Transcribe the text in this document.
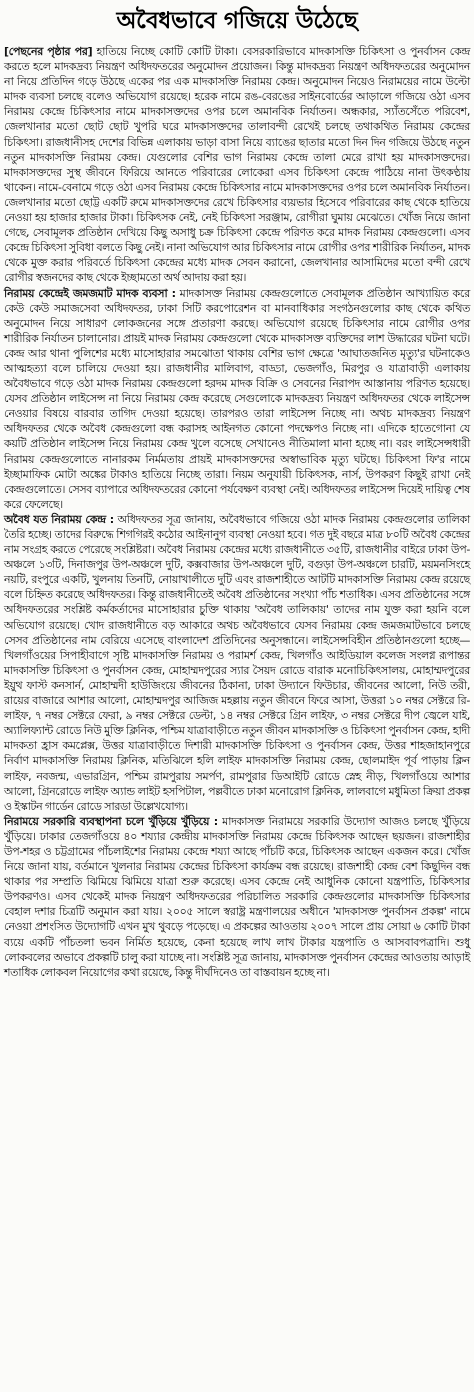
অবৈধভাবে গজিয়ে উঠেছে

[পেছনের পৃষ্ঠার পর] হাতিয়ে নিচ্ছে কোটি কোটি টাকা। বেসরকারিভাবে মাদকাসক্তি চিকিৎসা ও পুনর্বাসন কেন্দ্র করতে হলে মাদকদ্রব্য নিয়ন্ত্রণ অধিদফতরের অনুমোদন প্রয়োজন। কিন্তু মাদকদ্রব্য নিয়ন্ত্রণ অধিদফতরের অনুমোদন না নিয়ে প্রতিদিন গড়ে উঠছে একের পর এক মাদকাসক্তি নিরাময় কেন্দ্র। অনুমোদন নিয়েও নিরাময়ের নামে উল্টো মাদক ব্যবসা চলছে বলেও অভিযোগ রয়েছে। হরেক নামে রঙ-বেরঙের সাইনবোর্ডের আড়ালে গজিয়ে ওঠা এসব নিরাময় কেন্দ্রে চিকিৎসার নামে মাদকাসক্তদের ওপর চলে অমানবিক নির্যাতন। অন্ধকার, স্যাঁতসেঁতে পরিবেশ, জেলখানার মতো ছোট ছোট খুপরি ঘরে মাদকাসক্তদের তালাবন্দী রেখেই চলছে তথাকথিত নিরাময় কেন্দ্রের চিকিৎসা। রাজধানীসহ দেশের বিভিন্ন এলাকায় ভাড়া বাসা নিয়ে ব্যাঙের ছাতার মতো দিন দিন গজিয়ে উঠছে নতুন নতুন মাদকাসক্তি নিরাময় কেন্দ্র। যেগুলোর বেশির ভাগ নিরাময় কেন্দ্রে তালা মেরে রাখা হয় মাদকাসক্তদের। মাদকাসক্তদের সুস্থ জীবনে ফিরিয়ে আনতে পরিবারের লোকেরা এসব চিকিৎসা কেন্দ্রে পাঠিয়ে নানা উৎকণ্ঠায় থাকেন। নামে-বেনামে গড়ে ওঠা এসব নিরাময় কেন্দ্রে চিকিৎসার নামে মাদকাসক্তদের ওপর চলে অমানবিক নির্যাতন। জেলখানার মতো ছোট্ট একটি রুমে মাদকাসক্তদের রেখে চিকিৎসার ব্যয়ভার হিসেবে পরিবারের কাছ থেকে হাতিয়ে নেওয়া হয় হাজার হাজার টাকা। চিকিৎসক নেই, নেই চিকিৎসা সরঞ্জাম, রোগীরা ঘুমায় মেঝেতে। খোঁজ নিয়ে জানা গেছে, সেবামূলক প্রতিষ্ঠান দেখিয়ে কিছু অসাধু চক্র চিকিৎসা কেন্দ্রে পরিণত করে মাদক নিরাময় কেন্দ্রগুলো। এসব কেন্দ্রে চিকিৎসা সুবিধা বলতে কিছু নেই। নানা অভিযোগ আর চিকিৎসার নামে রোগীর ওপর শারীরিক নির্যাতন, মাদক থেকে মুক্ত করার পরিবর্তে চিকিৎসা কেন্দ্রের মধ্যে মাদক সেবন করানো, জেলখানার আসামিদের মতো বন্দী রেখে রোগীর স্বজনদের কাছ থেকে ইচ্ছামতো অর্থ আদায় করা হয়।

নিরাময় কেন্দ্রেই জমজমাট মাদক ব্যবসা : মাদকাসক্ত নিরাময় কেন্দ্রগুলোতে সেবামূলক প্রতিষ্ঠান আখ্যায়িত করে কেউ কেউ সমাজসেবা অধিদফতর, ঢাকা সিটি করপোরেশন বা মানবাধিকার সংগঠনগুলোর কাছ থেকে কথিত অনুমোদন নিয়ে সাধারণ লোকজনের সঙ্গে প্রতারণা করছে। অভিযোগ রয়েছে চিকিৎসার নামে রোগীর ওপর শারীরিক নির্যাতন চালানোর। প্রায়ই মাদক নিরাময় কেন্দ্রগুলো থেকে মাদকাসক্ত ব্যক্তিদের লাশ উদ্ধারের ঘটনা ঘটে। কেন্দ্র আর থানা পুলিশের মধ্যে মাসোহারার সমঝোতা থাকায় বেশির ভাগ ক্ষেত্রে 'আঘাতজনিত মৃত্যু'র ঘটনাকেও আত্মহত্যা বলে চালিয়ে দেওয়া হয়। রাজধানীর মালিবাগ, বাড্ডা, ভেজগাঁও, মিরপুর ও যাত্রাবাড়ী এলাকায় অবৈধভাবে গড়ে ওঠা মাদক নিরাময় কেন্দ্রগুলো হরদম মাদক বিক্রি ও সেবনের নিরাপদ আস্তানায় পরিণত হয়েছে। যেসব প্রতিষ্ঠান লাইসেন্স না নিয়ে নিরাময় কেন্দ্র করেছে সেগুলোকে মাদকদ্রব্য নিয়ন্ত্রণ অধিদফতর থেকে লাইসেন্স নেওয়ার বিষয়ে বারবার তাগিদ দেওয়া হয়েছে। তারপরও তারা লাইসেন্স নিচ্ছে না। অথচ মাদকদ্রব্য নিয়ন্ত্রণ অধিদফতর থেকে অবৈধ কেন্দ্রগুলো বন্ধ করাসহ আইনগত কোনো পদক্ষেপও নিচ্ছে না। এদিকে হাতেগোনা যে কয়টি প্রতিষ্ঠান লাইসেন্স নিয়ে নিরাময় কেন্দ্র খুলে বসেছে সেখানেও নীতিমালা মানা হচ্ছে না। বরং লাইসেন্সধারী নিরাময় কেন্দ্রগুলোতে নানারকম নির্মমতায় প্রায়ই মাদকাসক্তদের অস্বাভাবিক মৃত্যু ঘটছে। চিকিৎসা ফি'র নামে ইচ্ছামাফিক মোটা অঙ্কের টাকাও হাতিয়ে নিচ্ছে তারা। নিয়ম অনুযায়ী চিকিৎসক, নার্স, উপকরণ কিছুই রাখা নেই কেন্দ্রগুলোতে। সেসব ব্যাপারে অধিদফতরের কোনো পর্যবেক্ষণ ব্যবস্থা নেই। অধিদফতর লাইসেন্স দিয়েই দায়িত্ব শেষ করে ফেলেছে।

অবৈধ যত নিরাময় কেন্দ্র : অধিদফতর সূত্র জানায়, অবৈধভাবে গজিয়ে ওঠা মাদক নিরাময় কেন্দ্রগুলোর তালিকা তৈরি হচ্ছে। তাদের বিরুদ্ধে শিগগিরই কঠোর আইনানুগ ব্যবস্থা নেওয়া হবে। গত দুই বছরে মাত্র ৮০টি অবৈধ কেন্দ্রের নাম সংগ্রহ করতে পেরেছে সংশ্লিষ্টরা। অবৈধ নিরাময় কেন্দ্রের মধ্যে রাজধানীতে ৩৫টি, রাজধানীর বাইরে ঢাকা উপ-অঞ্চলে ১৩টি, দিনাজপুর উপ-অঞ্চলে দুটি, কক্সবাজার উপ-অঞ্চলে দুটি, বগুড়া উপ-অঞ্চলে চারটি, ময়মনসিংহে নয়টি, রংপুরে একটি, খুলনায় তিনটি, নোয়াখালীতে দুটি এবং রাজশাহীতে আটটি মাদকাসক্তি নিরাময় কেন্দ্র রয়েছে বলে চিহ্নিত করেছে অধিদফতর। কিন্তু রাজধানীতেই অবৈধ প্রতিষ্ঠানের সংখ্যা পাঁচ শতাধিক। এসব প্রতিষ্ঠানের সঙ্গে অধিদফতরের সংশ্লিষ্ট কর্মকর্তাদের মাসোহারার চুক্তি থাকায় 'অবৈধ তালিকায়' তাদের নাম যুক্ত করা হয়নি বলে অভিযোগ রয়েছে। খোদ রাজধানীতে বড় আকারে অথচ অবৈধভাবে যেসব নিরাময় কেন্দ্র জমজমাটভাবে চলছে সেসব প্রতিষ্ঠানের নাম বেরিয়ে এসেছে বাংলাদেশ প্রতিদিনের অনুসন্ধানে। লাইসেন্সবিহীন প্রতিষ্ঠানগুলো হচ্ছে— খিলগাঁওয়ের সিপাহীবাগে সৃষ্টি মাদকাসক্তি নিরাময় ও পরামর্শ কেন্দ্র, খিলগাঁও আইডিয়াল কলেজ সংলগ্ন রূপান্তর মাদকাসক্তি চিকিৎসা ও পুনর্বাসন কেন্দ্র, মোহাম্মদপুরের স্যার সৈয়দ রোডে বারাক মনোচিকিৎসালয়, মোহাম্মদপুরের ইয়ুথ ফাস্ট কনসার্ন, মোহাম্মদী হাউজিংয়ে জীবনের ঠিকানা, ঢাকা উদ্যানে ফিউচার, জীবনের আলো, নিউ তরী, রায়ের বাজারে আশার আলো, মোহাম্মদপুর আজিজ মহল্লায় নতুন জীবনে ফিরে আসা, উত্তরা ১০ নম্বর সেক্টরে রি-লাইফ, ৭ নম্বর সেক্টরে ফেরা, ৯ নম্বর সেক্টরে ডেল্টা, ১৪ নম্বর সেক্টরে গ্রিন লাইফ, ৩ নম্বর সেক্টরে দীপ জ্বেলে যাই, অ্যালিফ্যান্ট রোডে নিউ মুক্তি ক্লিনিক, পশ্চিম যাত্রাবাড়ীতে নতুন জীবন মাদকাসক্তি ও চিকিৎসা পুনর্বাসন কেন্দ্র, হাদী মাদকতা হ্রাস কমপ্লেক্স, উত্তর যাত্রাবাড়ীতে দিশারী মাদকাসক্তি চিকিৎসা ও পুনর্বাসন কেন্দ্র, উত্তর শাহজাহানপুরে নির্বাণ মাদকাসক্তি নিরাময় ক্লিনিক, মতিঝিলে হলি লাইফ মাদকাসক্তি নিরাময় কেন্দ্র, ছোলমাইদ পূর্ব পাড়ায় ক্লিন লাইফ, নবজন্ম, এভারগ্রিন, পশ্চিম রামপুরায় সমর্পণ, রামপুরার ডিআইটি রোডে স্নেহ নীড়, খিলগাঁওয়ে আশার আলো, গ্রিনরোডে লাইফ অ্যান্ড লাইট হসপিটাল, পল্লবীতে ঢাকা মনোরোগ ক্লিনিক, লালবাগে মধুমিতা ক্রিয়া প্রকল্প ও ইস্কাটন গার্ডেন রোডে সারডা উল্লেখযোগ্য।

নিরাময়ে সরকারি ব্যবস্থাপনা চলে খুঁড়িয়ে খুঁড়িয়ে : মাদকাসক্ত নিরাময়ে সরকারি উদ্যোগ আজও চলছে খুঁড়িয়ে খুঁড়িয়ে। ঢাকার তেজগাঁওয়ে ৪০ শয্যার কেন্দ্রীয় মাদকাসক্তি নিরাময় কেন্দ্রে চিকিৎসক আছেন ছয়জন। রাজশাহীর উপ-শহর ও চট্টগ্রামের পাঁচলাইশের নিরাময় কেন্দ্রে শয্যা আছে পাঁচটি করে, চিকিৎসক আছেন একজন করে। খোঁজ নিয়ে জানা যায়, বর্তমানে খুলনার নিরাময় কেন্দ্রের চিকিৎসা কার্যক্রম বন্ধ রয়েছে। রাজশাহী কেন্দ্র বেশ কিছুদিন বন্ধ থাকার পর সম্প্রতি ঝিমিয়ে ঝিমিয়ে যাত্রা শুরু করেছে। এসব কেন্দ্রে নেই আধুনিক কোনো যন্ত্রপাতি, চিকিৎসার উপকরণও। এসব থেকেই মাদক নিয়ন্ত্রণ অধিদফতরের পরিচালিত সরকারি কেন্দ্রগুলোর মাদকাসক্তি চিকিৎসার বেহাল দশার চিত্রটি অনুমান করা যায়। ২০০৫ সালে স্বরাষ্ট্র মন্ত্রণালয়ের অধীনে 'মাদকাসক্ত পুনর্বাসন প্রকল্প' নামে নেওয়া প্রশংসিত উদ্যোগটি এখন মুখ থুবড়ে পড়েছে। এ প্রকল্পের আওতায় ২০০৭ সালে প্রায় সোয়া ৬ কোটি টাকা ব্যয়ে একটি পাঁচতলা ভবন নির্মিত হয়েছে, কেনা হয়েছে লাখ লাখ টাকার যন্ত্রপাতি ও আসবাবপত্রাদি। শুধু লোকবলের অভাবে প্রকল্পটি চালু করা যাচ্ছে না। সংশ্লিষ্ট সূত্র জানায়, মাদকাসক্ত পুনর্বাসন কেন্দ্রের আওতায় আড়াই শতাধিক লোকবল নিয়োগের কথা রয়েছে, কিন্তু দীর্ঘদিনেও তা বাস্তবায়ন হচ্ছে না।
